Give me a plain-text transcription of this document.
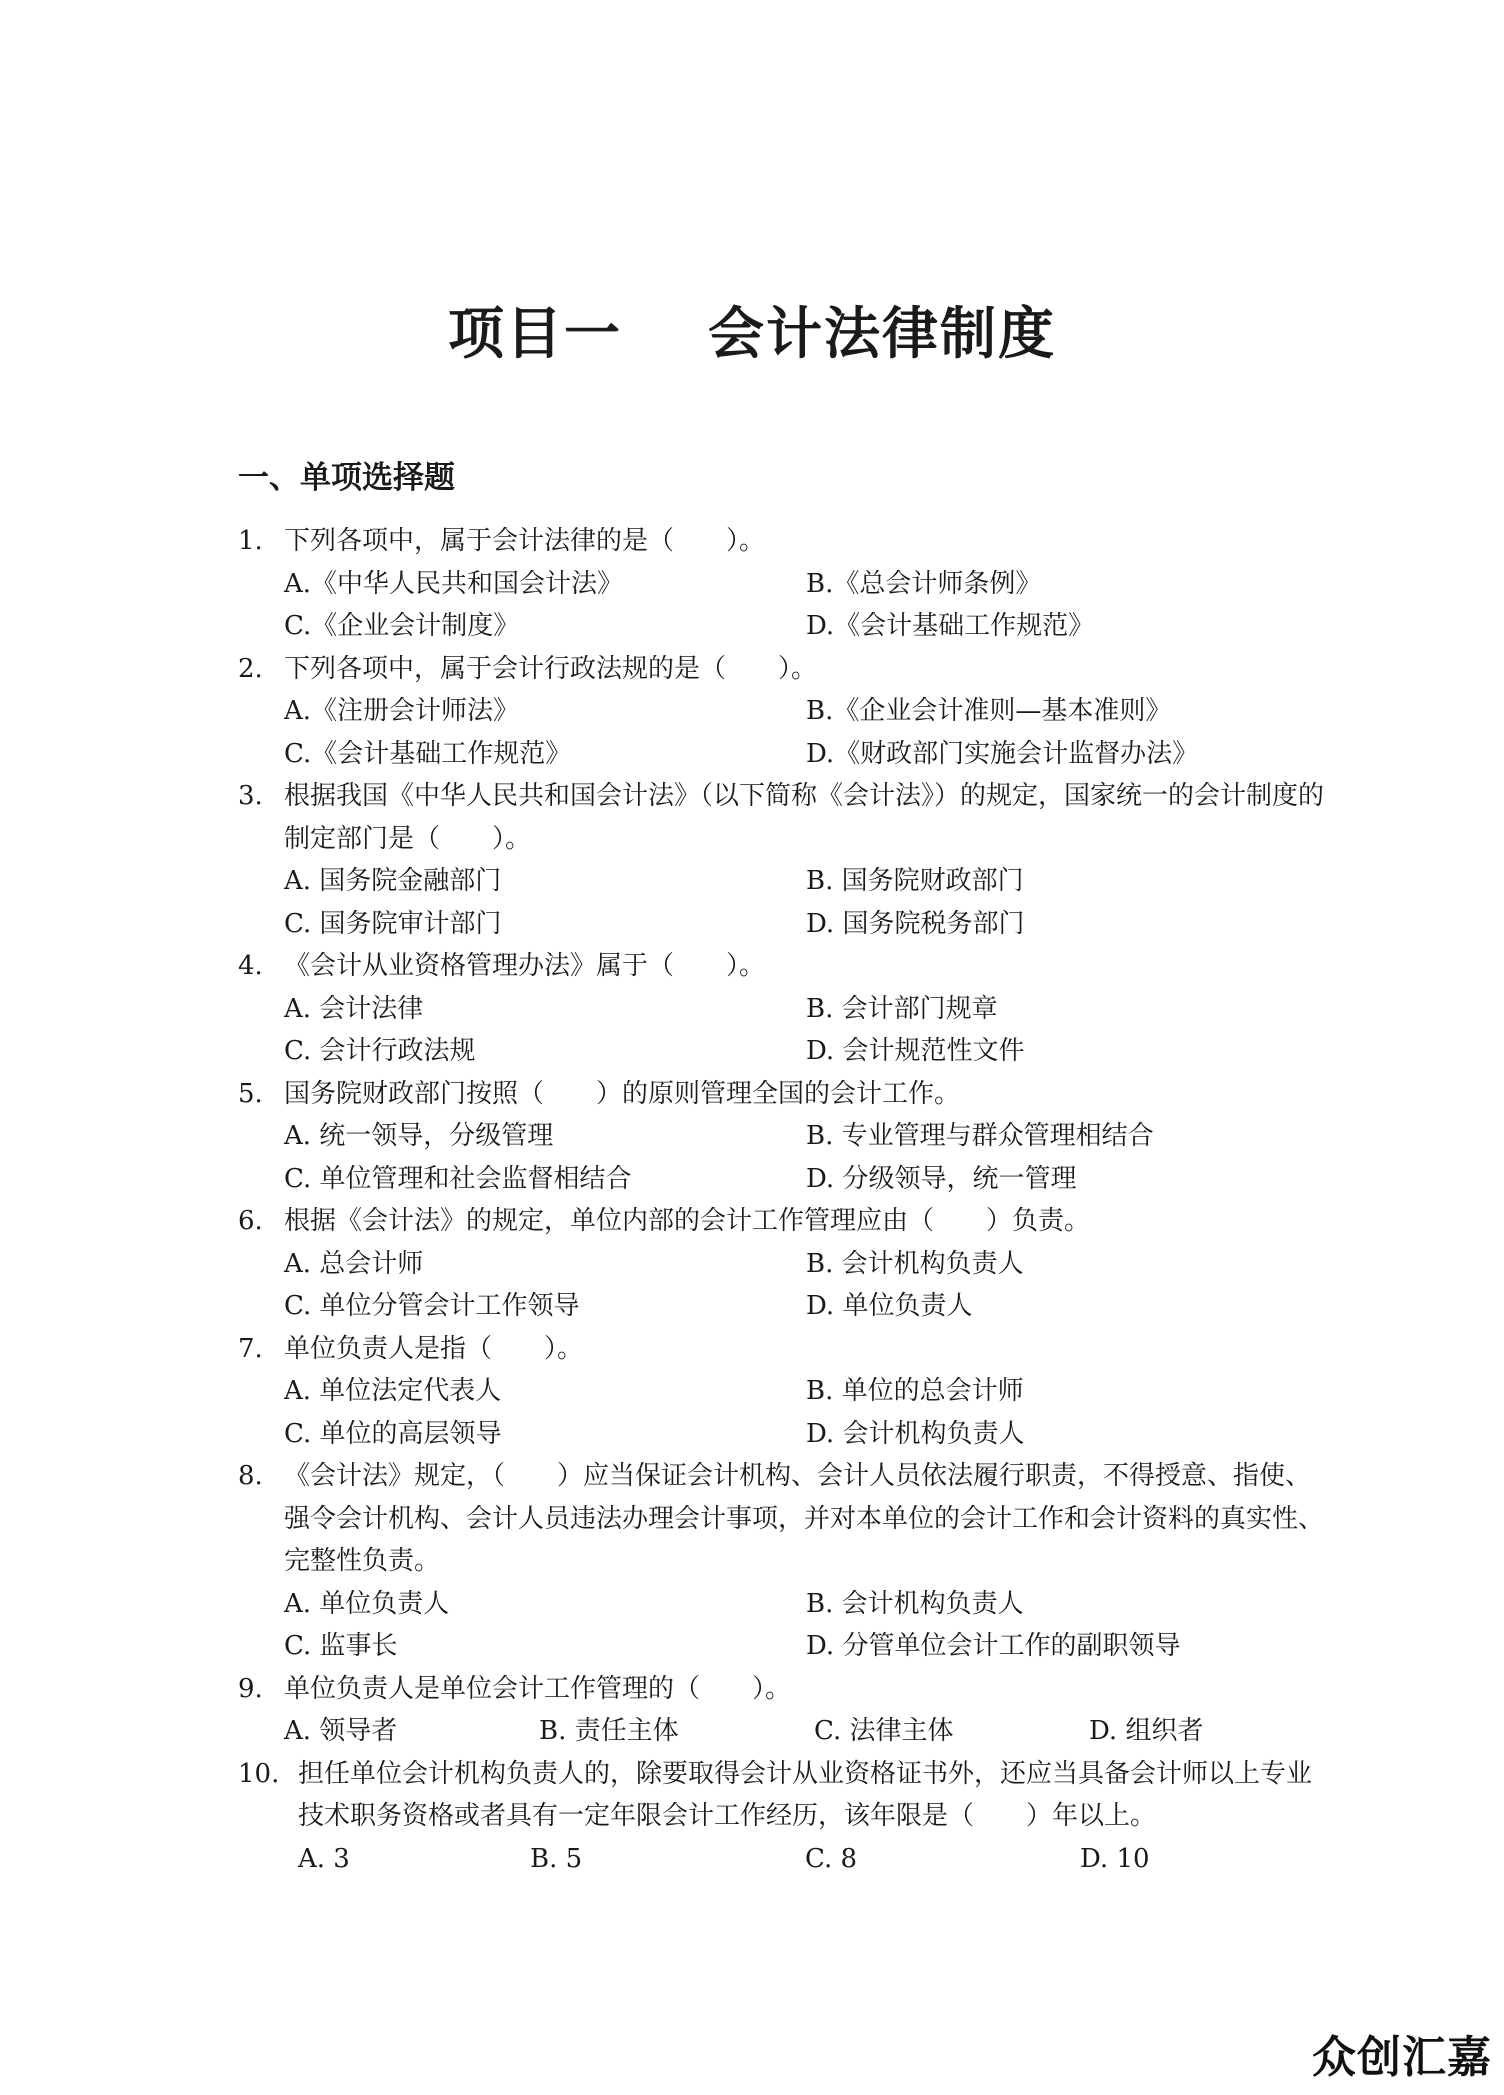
项目一    会计法律制度
一、单项选择题
1. 下列各项中，属于会计法律的是（　　）。
A.《中华人民共和国会计法》	B.《总会计师条例》
C.《企业会计制度》	D.《会计基础工作规范》
2. 下列各项中，属于会计行政法规的是（　　）。
A.《注册会计师法》	B.《企业会计准则—基本准则》
C.《会计基础工作规范》	D.《财政部门实施会计监督办法》
3. 根据我国《中华人民共和国会计法》（以下简称《会计法》）的规定，国家统一的会计制度的制定部门是（　　）。
A. 国务院金融部门	B. 国务院财政部门
C. 国务院审计部门	D. 国务院税务部门
4. 《会计从业资格管理办法》属于（　　）。
A. 会计法律	B. 会计部门规章
C. 会计行政法规	D. 会计规范性文件
5. 国务院财政部门按照（　　）的原则管理全国的会计工作。
A. 统一领导，分级管理	B. 专业管理与群众管理相结合
C. 单位管理和社会监督相结合	D. 分级领导，统一管理
6. 根据《会计法》的规定，单位内部的会计工作管理应由（　　）负责。
A. 总会计师	B. 会计机构负责人
C. 单位分管会计工作领导	D. 单位负责人
7. 单位负责人是指（　　）。
A. 单位法定代表人	B. 单位的总会计师
C. 单位的高层领导	D. 会计机构负责人
8. 《会计法》规定，（　　）应当保证会计机构、会计人员依法履行职责，不得授意、指使、强令会计机构、会计人员违法办理会计事项，并对本单位的会计工作和会计资料的真实性、完整性负责。
A. 单位负责人	B. 会计机构负责人
C. 监事长	D. 分管单位会计工作的副职领导
9. 单位负责人是单位会计工作管理的（　　）。
A. 领导者	B. 责任主体	C. 法律主体	D. 组织者
10. 担任单位会计机构负责人的，除要取得会计从业资格证书外，还应当具备会计师以上专业技术职务资格或者具有一定年限会计工作经历，该年限是（　　）年以上。
A. 3	B. 5	C. 8	D. 10
众创汇嘉
